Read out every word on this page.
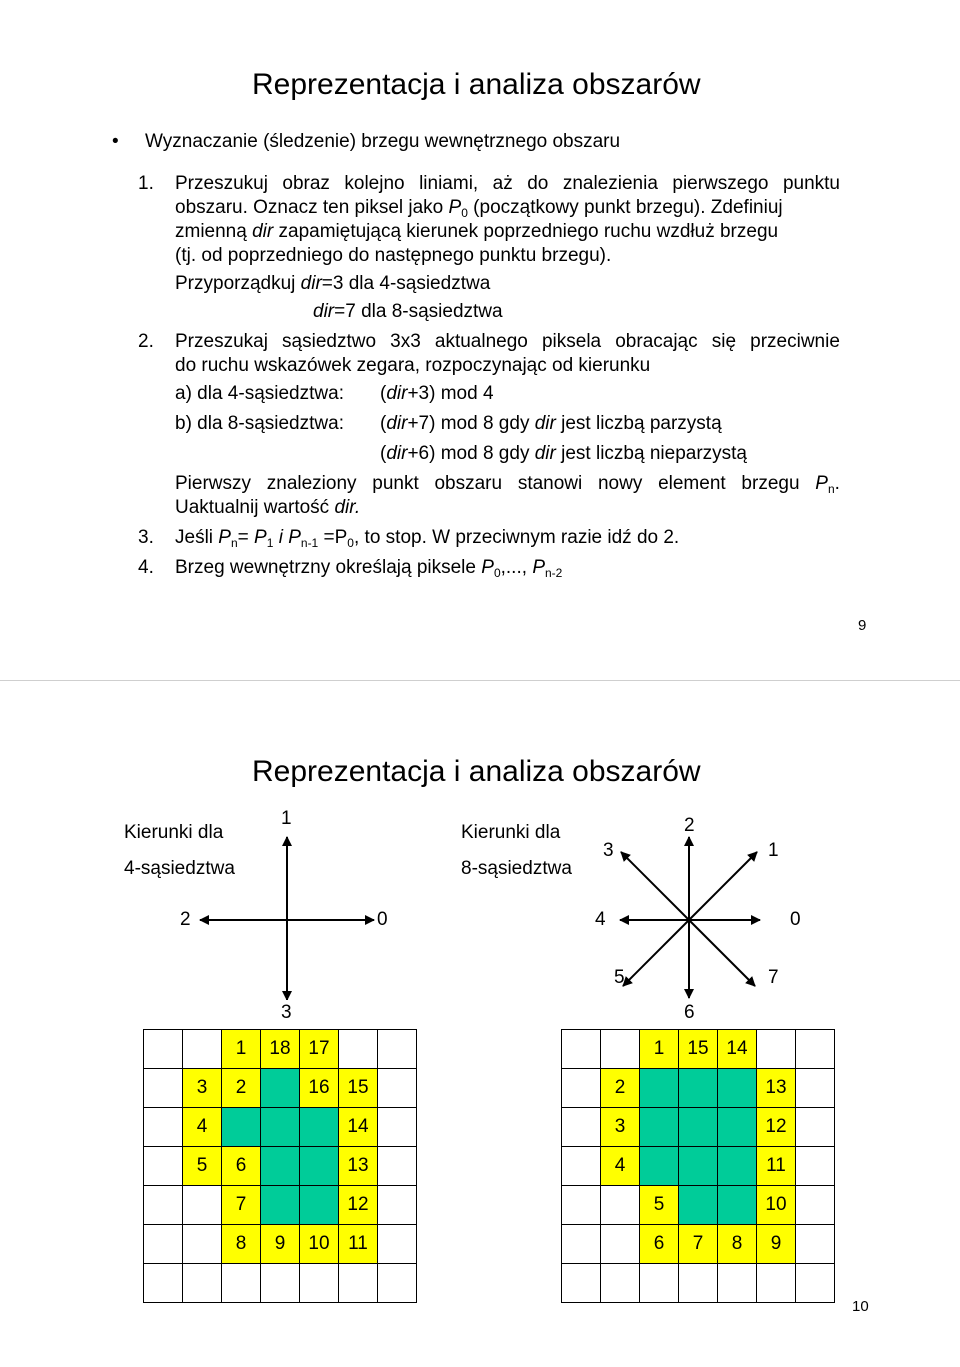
Reprezentacja i analiza obszarów
• Wyznaczanie (śledzenie) brzegu wewnętrznego obszaru
1. Przeszukuj obraz kolejno liniami, aż do znalezienia pierwszego punktu
obszaru. Oznacz ten piksel jako $P_0$ (początkowy punkt brzegu). Zdefiniuj
zmienną dir zapamiętującą kierunek poprzedniego ruchu wzdłuż brzegu
(tj. od poprzedniego do następnego punktu brzegu).
Przyporządkuj dir=3 dla 4-sąsiedztwa
dir=7 dla 8-sąsiedztwa
2. Przeszukaj sąsiedztwo 3x3 aktualnego piksela obracając się przeciwnie
do ruchu wskazówek zegara, rozpoczynając od kierunku
a) dla 4-sąsiedztwa: (dir+3) mod 4
b) dla 8-sąsiedztwa: (dir+7) mod 8 gdy dir jest liczbą parzystą
(dir+6) mod 8 gdy dir jest liczbą nieparzystą
Pierwszy znaleziony punkt obszaru stanowi nowy element brzegu $P_n$.
Uaktualnij wartość dir.
3. Jeśli $P_n= P_1$ i $P_{n-1} =P_0$, to stop. W przeciwnym razie idź do 2.
4. Brzeg wewnętrzny określają piksele $P_0$,..., $P_{n-2}$
9
Reprezentacja i analiza obszarów
Kierunki dla
4-sąsiedztwa
Kierunki dla
8-sąsiedztwa
1
2	0
3
2
1
3
4	0
5	7
6
		1	18	17		
	3	2		16	15	
	4				14	
	5	6			13	
		7			12	
		8	9	10	11	

		1	15	14		
	2				13	
	3				12	
	4				11	
		5			10	
		6	7	8	9	

10
